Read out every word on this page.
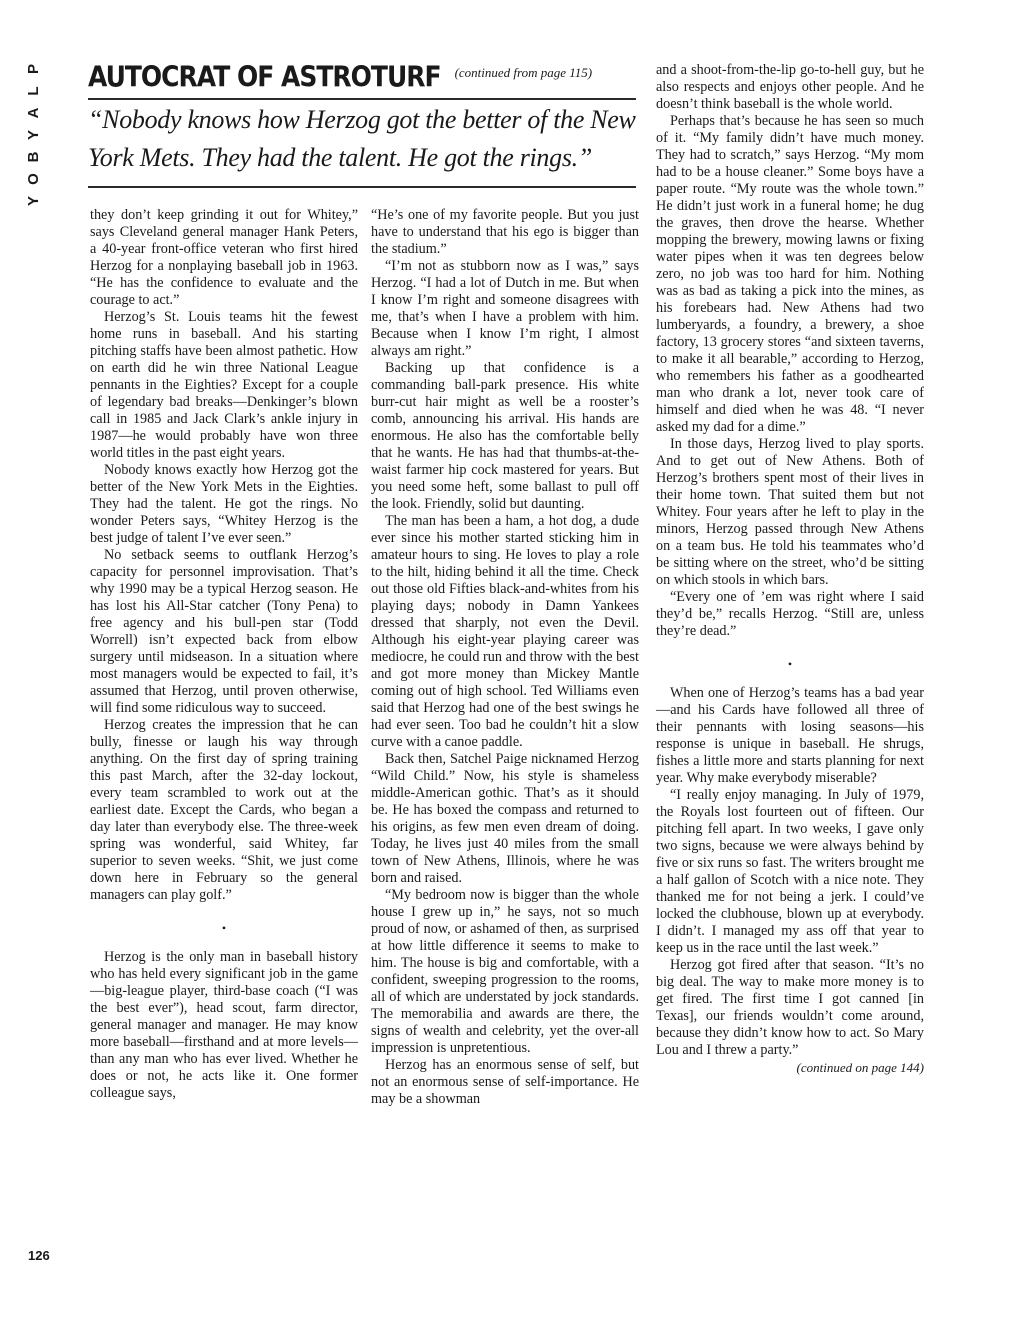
P
L
A
Y
B
O
Y
126
AUTOCRAT OF ASTROTURF $^{(continued from page 115)}$
“Nobody knows how Herzog got the better of the New York Mets. They had the talent. He got the rings.”

they don’t keep grinding it out for Whitey,” says Cleveland general manager Hank Peters, a 40-year front-office veteran who first hired Herzog for a nonplaying baseball job in 1963. “He has the confidence to evaluate and the courage to act.”

Herzog’s St. Louis teams hit the fewest home runs in baseball. And his starting pitching staffs have been almost pathetic. How on earth did he win three National League pennants in the Eighties? Except for a couple of legendary bad breaks—Denkinger’s blown call in 1985 and Jack Clark’s ankle injury in 1987—he would probably have won three world titles in the past eight years.

Nobody knows exactly how Herzog got the better of the New York Mets in the Eighties. They had the talent. He got the rings. No wonder Peters says, “Whitey Herzog is the best judge of talent I’ve ever seen.”

No setback seems to outflank Herzog’s capacity for personnel improvisation. That’s why 1990 may be a typical Herzog season. He has lost his All-Star catcher (Tony Pena) to free agency and his bull-pen star (Todd Worrell) isn’t expected back from elbow surgery until midseason. In a situation where most managers would be expected to fail, it’s assumed that Herzog, until proven otherwise, will find some ridiculous way to succeed.

Herzog creates the impression that he can bully, finesse or laugh his way through anything. On the first day of spring training this past March, after the 32-day lockout, every team scrambled to work out at the earliest date. Except the Cards, who began a day later than everybody else. The three-week spring was wonderful, said Whitey, far superior to seven weeks. “Shit, we just come down here in February so the general managers can play golf.”

•

Herzog is the only man in baseball history who has held every significant job in the game—big-league player, third-base coach (“I was the best ever”), head scout, farm director, general manager and manager. He may know more baseball—firsthand and at more levels—than any man who has ever lived. Whether he does or not, he acts like it. One former colleague says,

“He’s one of my favorite people. But you just have to understand that his ego is bigger than the stadium.”

“I’m not as stubborn now as I was,” says Herzog. “I had a lot of Dutch in me. But when I know I’m right and someone disagrees with me, that’s when I have a problem with him. Because when I know I’m right, I almost always am right.”

Backing up that confidence is a commanding ball-park presence. His white burr-cut hair might as well be a rooster’s comb, announcing his arrival. His hands are enormous. He also has the comfortable belly that he wants. He has had that thumbs-at-the-waist farmer hip cock mastered for years. But you need some heft, some ballast to pull off the look. Friendly, solid but daunting.

The man has been a ham, a hot dog, a dude ever since his mother started sticking him in amateur hours to sing. He loves to play a role to the hilt, hiding behind it all the time. Check out those old Fifties black-and-whites from his playing days; nobody in Damn Yankees dressed that sharply, not even the Devil. Although his eight-year playing career was mediocre, he could run and throw with the best and got more money than Mickey Mantle coming out of high school. Ted Williams even said that Herzog had one of the best swings he had ever seen. Too bad he couldn’t hit a slow curve with a canoe paddle.

Back then, Satchel Paige nicknamed Herzog “Wild Child.” Now, his style is shameless middle-American gothic. That’s as it should be. He has boxed the compass and returned to his origins, as few men even dream of doing. Today, he lives just 40 miles from the small town of New Athens, Illinois, where he was born and raised.

“My bedroom now is bigger than the whole house I grew up in,” he says, not so much proud of now, or ashamed of then, as surprised at how little difference it seems to make to him. The house is big and comfortable, with a confident, sweeping progression to the rooms, all of which are understated by jock standards. The memorabilia and awards are there, the signs of wealth and celebrity, yet the over-all impression is unpretentious.

Herzog has an enormous sense of self, but not an enormous sense of self-importance. He may be a showman

and a shoot-from-the-lip go-to-hell guy, but he also respects and enjoys other people. And he doesn’t think baseball is the whole world.

Perhaps that’s because he has seen so much of it. “My family didn’t have much money. They had to scratch,” says Herzog. “My mom had to be a house cleaner.” Some boys have a paper route. “My route was the whole town.” He didn’t just work in a funeral home; he dug the graves, then drove the hearse. Whether mopping the brewery, mowing lawns or fixing water pipes when it was ten degrees below zero, no job was too hard for him. Nothing was as bad as taking a pick into the mines, as his forebears had. New Athens had two lumberyards, a foundry, a brewery, a shoe factory, 13 grocery stores “and sixteen taverns, to make it all bearable,” according to Herzog, who remembers his father as a goodhearted man who drank a lot, never took care of himself and died when he was 48. “I never asked my dad for a dime.”

In those days, Herzog lived to play sports. And to get out of New Athens. Both of Herzog’s brothers spent most of their lives in their home town. That suited them but not Whitey. Four years after he left to play in the minors, Herzog passed through New Athens on a team bus. He told his teammates who’d be sitting where on the street, who’d be sitting on which stools in which bars.

“Every one of ’em was right where I said they’d be,” recalls Herzog. “Still are, unless they’re dead.”

•

When one of Herzog’s teams has a bad year—and his Cards have followed all three of their pennants with losing seasons—his response is unique in baseball. He shrugs, fishes a little more and starts planning for next year. Why make everybody miserable?

“I really enjoy managing. In July of 1979, the Royals lost fourteen out of fifteen. Our pitching fell apart. In two weeks, I gave only two signs, because we were always behind by five or six runs so fast. The writers brought me a half gallon of Scotch with a nice note. They thanked me for not being a jerk. I could’ve locked the clubhouse, blown up at everybody. I didn’t. I managed my ass off that year to keep us in the race until the last week.”

Herzog got fired after that season. “It’s no big deal. The way to make more money is to get fired. The first time I got canned [in Texas], our friends wouldn’t come around, because they didn’t know how to act. So Mary Lou and I threw a party.”

(continued on page 144)
